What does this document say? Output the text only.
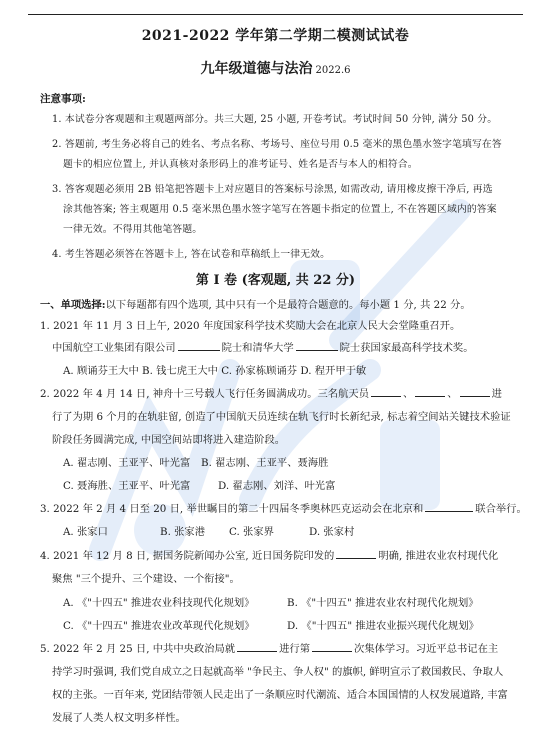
2021-2022 学年第二学期二模测试试卷
九年级道德与法治 2022.6
注意事项:
1. 本试卷分客观题和主观题两部分。共三大题, 25 小题, 开卷考试。考试时间 50 分钟, 满分 50 分。
2. 答题前, 考生务必将自己的姓名、考点名称、考场号、座位号用 0.5 毫米的黑色墨水签字笔填写在答
题卡的相应位置上, 并认真核对条形码上的准考证号、姓名是否与本人的相符合。
3. 答客观题必须用 2B 铅笔把答题卡上对应题目的答案标号涂黑, 如需改动, 请用橡皮擦干净后, 再选
涂其他答案; 答主观题用 0.5 毫米黑色墨水签字笔写在答题卡指定的位置上, 不在答题区域内的答案
一律无效。不得用其他笔答题。
4. 考生答题必须答在答题卡上, 答在试卷和草稿纸上一律无效。
第 I 卷 (客观题, 共 22 分)
一、单项选择:以下每题都有四个选项, 其中只有一个是最符合题意的。每小题 1 分, 共 22 分。
1. 2021 年 11 月 3 日上午, 2020 年度国家科学技术奖励大会在北京人民大会堂隆重召开。
中国航空工业集团有限公司	院士和清华大学	院士获国家最高科学技术奖。
A. 顾诵芬王大中 B. 钱七虎王大中 C. 孙家栋顾诵芬 D. 程开甲于敏
2. 2022 年 4 月 14 日, 神舟十三号载人飞行任务圆满成功。三名航天员	、	、	进
行了为期 6 个月的在轨驻留, 创造了中国航天员连续在轨飞行时长新纪录, 标志着空间站关键技术验证
阶段任务圆满完成, 中国空间站即将进入建造阶段。
A. 翟志刚、王亚平、叶光富 B. 翟志刚、王亚平、聂海胜
C. 聂海胜、王亚平、叶光富	D. 翟志刚、刘洋、叶光富
3. 2022 年 2 月 4 日至 20 日, 举世瞩目的第二十四届冬季奥林匹克运动会在北京和	联合举行。
A. 张家口	B. 张家港 C. 张家界	D. 张家村
4. 2021 年 12 月 8 日, 据国务院新闻办公室, 近日国务院印发的	明确, 推进农业农村现代化
聚焦 "三个提升、三个建设、一个衔接"。
A. 《"十四五" 推进农业科技现代化规划》	B. 《"十四五" 推进农业农村现代化规划》
C. 《"十四五" 推进农业改革现代化规划》	D. 《"十四五" 推进农业振兴现代化规划》
5. 2022 年 2 月 25 日, 中共中央政治局就	进行第	次集体学习。习近平总书记在主
持学习时强调, 我们党自成立之日起就高举 "争民主、争人权" 的旗帜, 鲜明宣示了救国救民、争取人
权的主张。一百年来, 党团结带领人民走出了一条顺应时代潮流、适合本国国情的人权发展道路, 丰富
发展了人类人权文明多样性。
